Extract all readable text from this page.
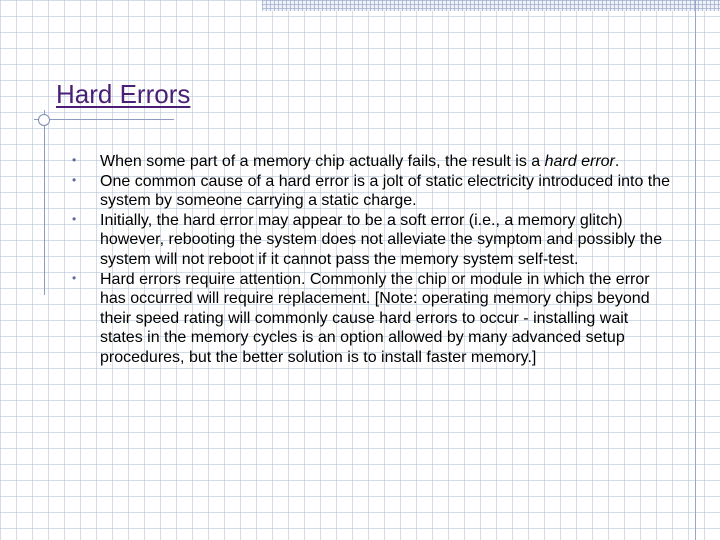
Hard Errors
• When some part of a memory chip actually fails, the result is a hard error.
• One common cause of a hard error is a jolt of static electricity introduced into the system by someone carrying a static charge.
• Initially, the hard error may appear to be a soft error (i.e., a memory glitch) however, rebooting the system does not alleviate the symptom and possibly the system will not reboot if it cannot pass the memory system self-test.
• Hard errors require attention. Commonly the chip or module in which the error has occurred will require replacement. [Note: operating memory chips beyond their speed rating will commonly cause hard errors to occur - installing wait states in the memory cycles is an option allowed by many advanced setup procedures, but the better solution is to install faster memory.]
